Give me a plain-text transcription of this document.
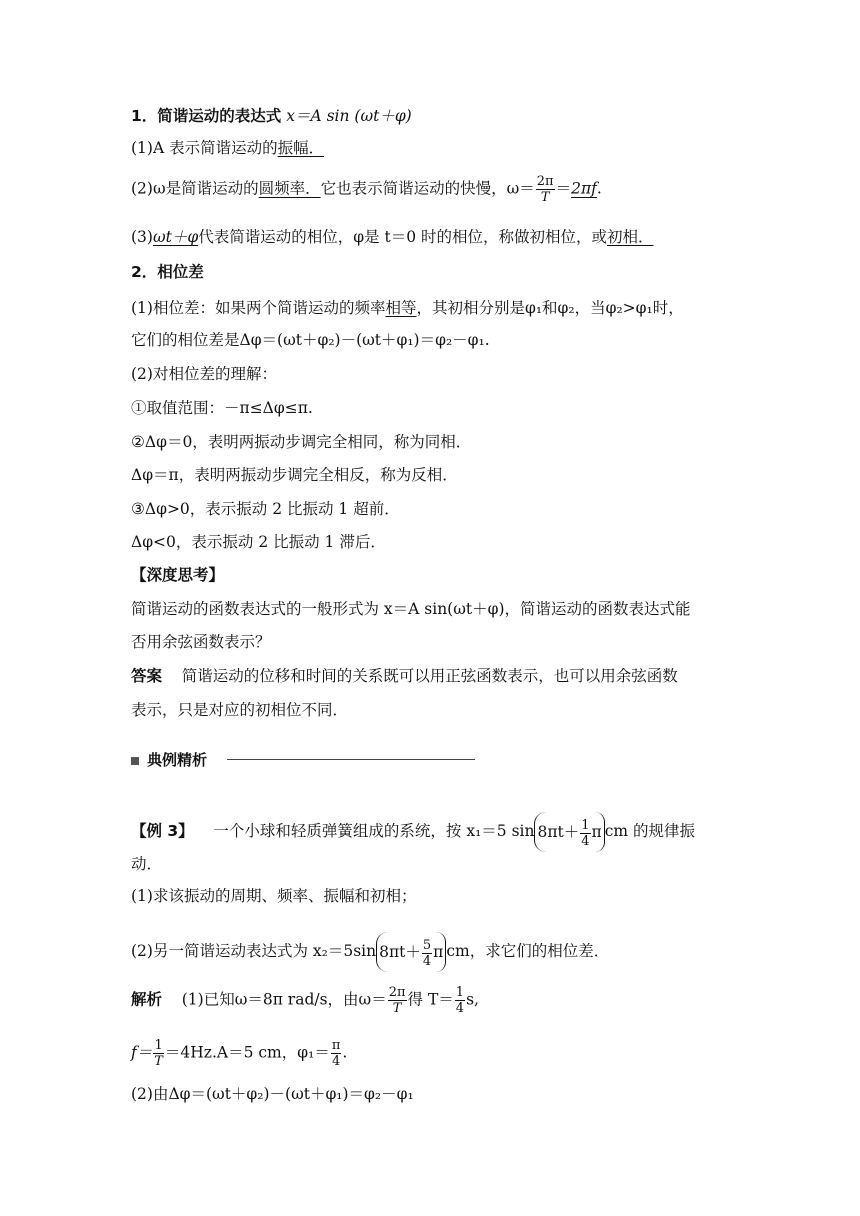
1．简谐运动的表达式 x＝A sin (ωt＋φ)
(1)A 表示简谐运动的振幅．
(2)ω是简谐运动的圆频率．它也表示简谐运动的快慢，$\omega= \frac{2\pi}{T} =2\pi f$.
(3)ωt＋φ代表简谐运动的相位，φ是 t＝0 时的相位，称做初相位，或初相．
2．相位差
(1)相位差：如果两个简谐运动的频率相等，其初相分别是φ₁和φ₂，当φ₂>φ₁时，
它们的相位差是Δφ＝(ωt＋φ₂)－(ωt＋φ₁)＝φ₂－φ₁.
(2)对相位差的理解：
①取值范围：－π≤Δφ≤π.
②Δφ＝0，表明两振动步调完全相同，称为同相．
Δφ＝π，表明两振动步调完全相反，称为反相．
③Δφ>0，表示振动 2 比振动 1 超前．
Δφ<0，表示振动 2 比振动 1 滞后．
【深度思考】
简谐运动的函数表达式的一般形式为 x＝A sin(ωt＋φ)，简谐运动的函数表达式能
否用余弦函数表示？
答案 简谐运动的位移和时间的关系既可以用正弦函数表示，也可以用余弦函数
表示，只是对应的初相位不同．
典例精析
【例 3】 一个小球和轻质弹簧组成的系统，按 x₁＝5 $\sin 8\pi t+ \frac{1}{4}$ π cm 的规律振
动．
(1)求该振动的周期、频率、振幅和初相；
(2)另一简谐运动表达式为 x₂＝5sin $8\pi t+ \frac{5}{4}$ π cm，求它们的相位差．
解析 (1)已知ω＝8π rad/s，由$\omega= \frac{2\pi}{T}$ 得 $T= \frac{1}{4} s$,
$f= \frac{1}{T} =4Hz.A=5$ cm，$\varphi_1= \frac{\pi}{4}$ .
(2)由Δφ＝(ωt＋φ₂)－(ωt＋φ₁)＝φ₂－φ₁
